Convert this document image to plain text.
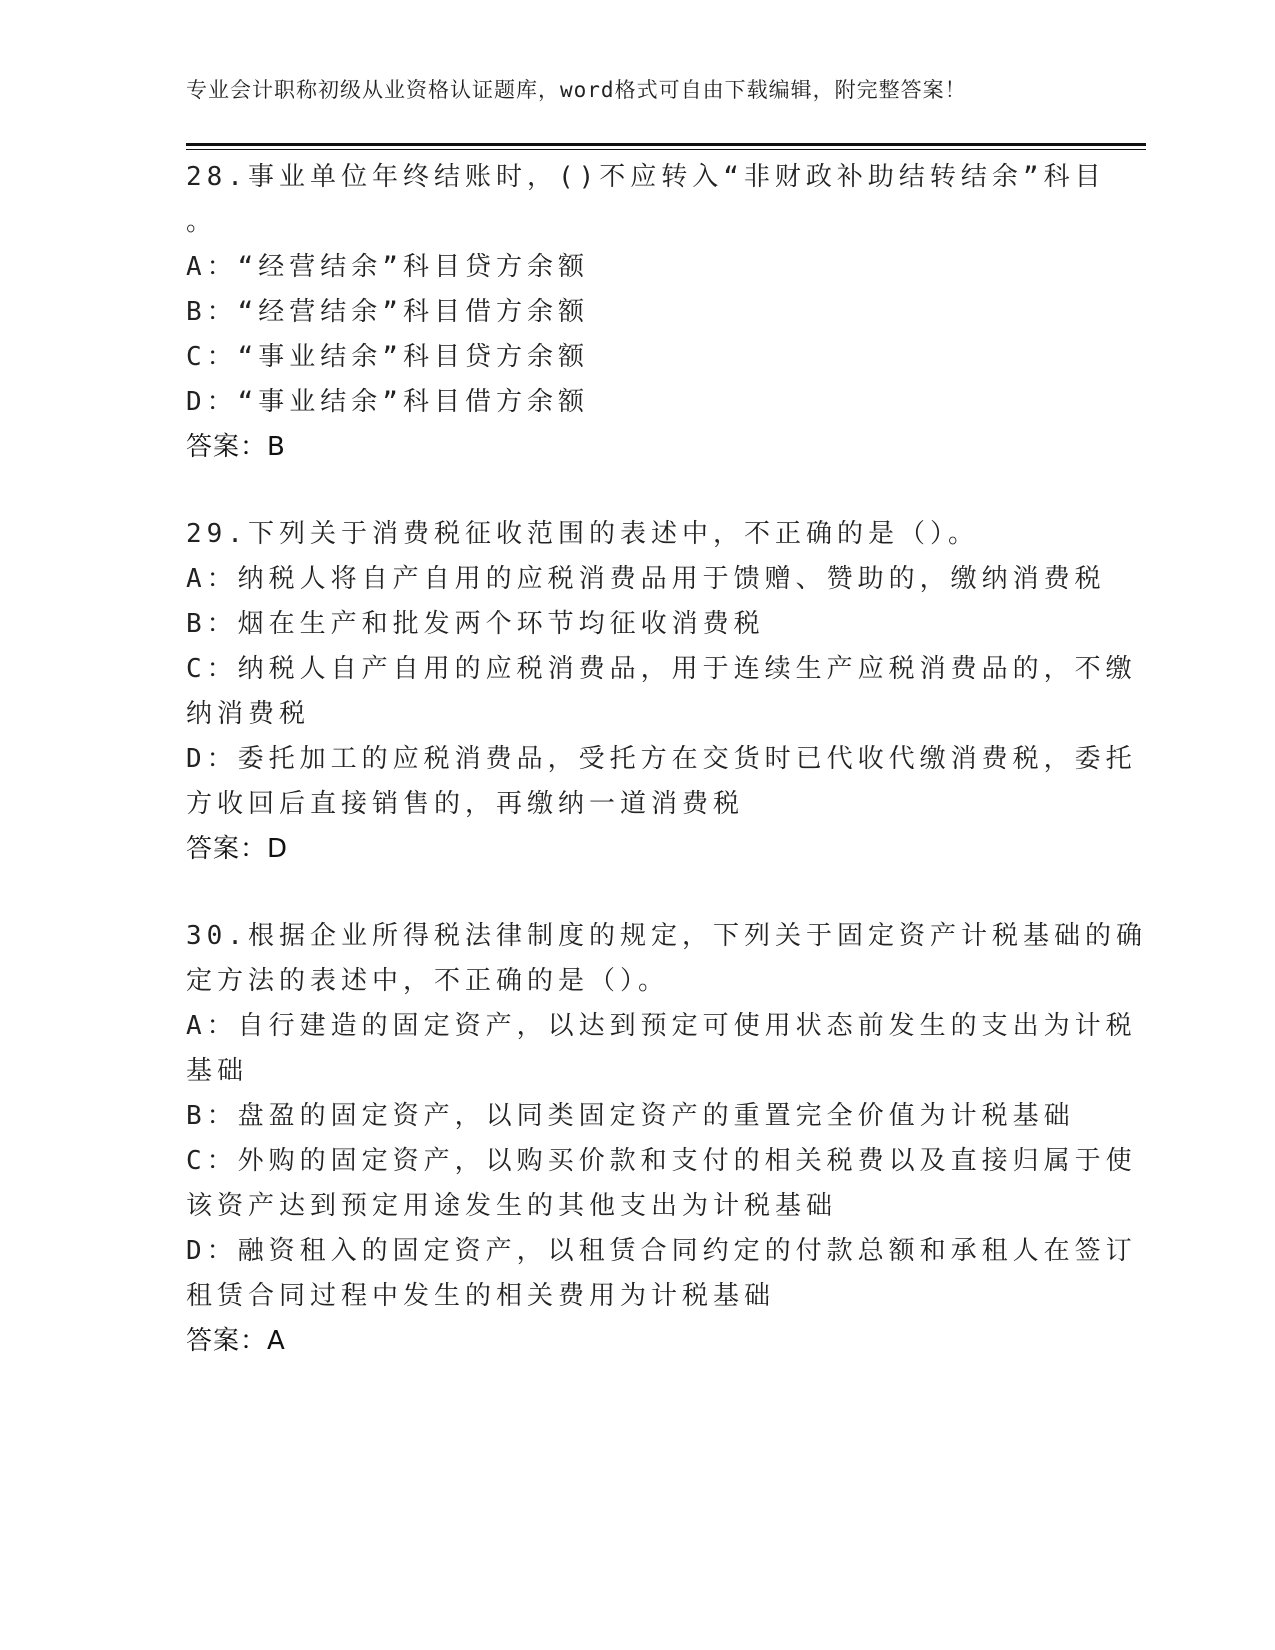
专业会计职称初级从业资格认证题库，word格式可自由下载编辑，附完整答案！
28.事业单位年终结账时，()不应转入“非财政补助结转结余”科目
。
A：“经营结余”科目贷方余额
B：“经营结余”科目借方余额
C：“事业结余”科目贷方余额
D：“事业结余”科目借方余额
答案：B
29.下列关于消费税征收范围的表述中，不正确的是（）。
A：纳税人将自产自用的应税消费品用于馈赠、赞助的，缴纳消费税
B：烟在生产和批发两个环节均征收消费税
C：纳税人自产自用的应税消费品，用于连续生产应税消费品的，不缴
纳消费税
D：委托加工的应税消费品，受托方在交货时已代收代缴消费税，委托
方收回后直接销售的，再缴纳一道消费税
答案：D
30.根据企业所得税法律制度的规定，下列关于固定资产计税基础的确
定方法的表述中，不正确的是（）。
A：自行建造的固定资产，以达到预定可使用状态前发生的支出为计税
基础
B：盘盈的固定资产，以同类固定资产的重置完全价值为计税基础
C：外购的固定资产，以购买价款和支付的相关税费以及直接归属于使
该资产达到预定用途发生的其他支出为计税基础
D：融资租入的固定资产，以租赁合同约定的付款总额和承租人在签订
租赁合同过程中发生的相关费用为计税基础
答案：A
